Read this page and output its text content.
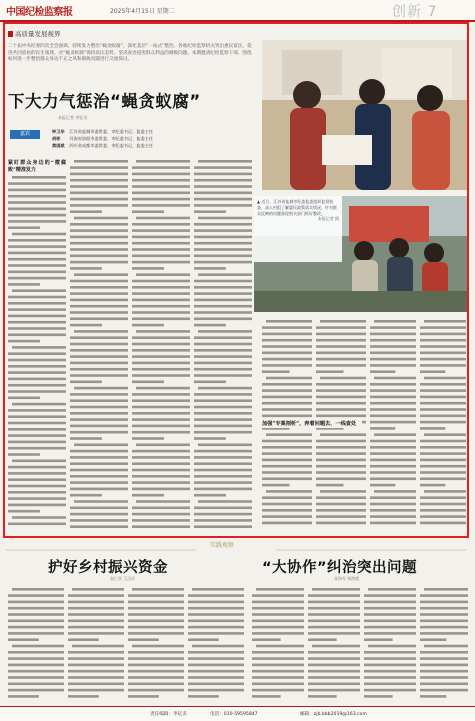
中国纪检监察报	2025年4月15日 星期二	创新 7
高质量发展视界
二十届中央纪委四次全会强调，持续发力整治“蝇贪蚁腐”，深化基层“一站式”整治。各地纪检监察机关突出惠民富民、促进共同富裕的民生领域，对“蝇贪蚁腐”保持高压态势，坚决查处侵害群众利益的腐败问题。本期邀请纪检监察干部，围绕如何进一步整治群众身边不正之风和腐败问题进行交流探讨。
下大力气惩治“蝇贪蚁腐”
本报记者 李钇炎
嘉宾	钟卫华 江苏省盐城市委常委、市纪委书记、监委主任
胡彬 河南省洛阳市委常委、市纪委书记、监委主任
黄国斌 四川省成都市委常委、市纪委书记、监委主任
紧盯群众身边的“微腐败”精准发力
▲ 近日，江苏省盐城市纪委监委组织监督检查，深入村组了解惠民政策落实情况，针对群众反映的问题督促相关部门抓好整改。
本报记者 摄
加强“专案剖析”，奔着问题去、一线查处
实践观察
护好乡村振兴资金
朱仁贵 王汉民
“大协作”纠治突出问题
张海军 林海霞
责任编辑：李钇炎	电话：010-59595847	邮箱：zjb.bbb2019@163.com
